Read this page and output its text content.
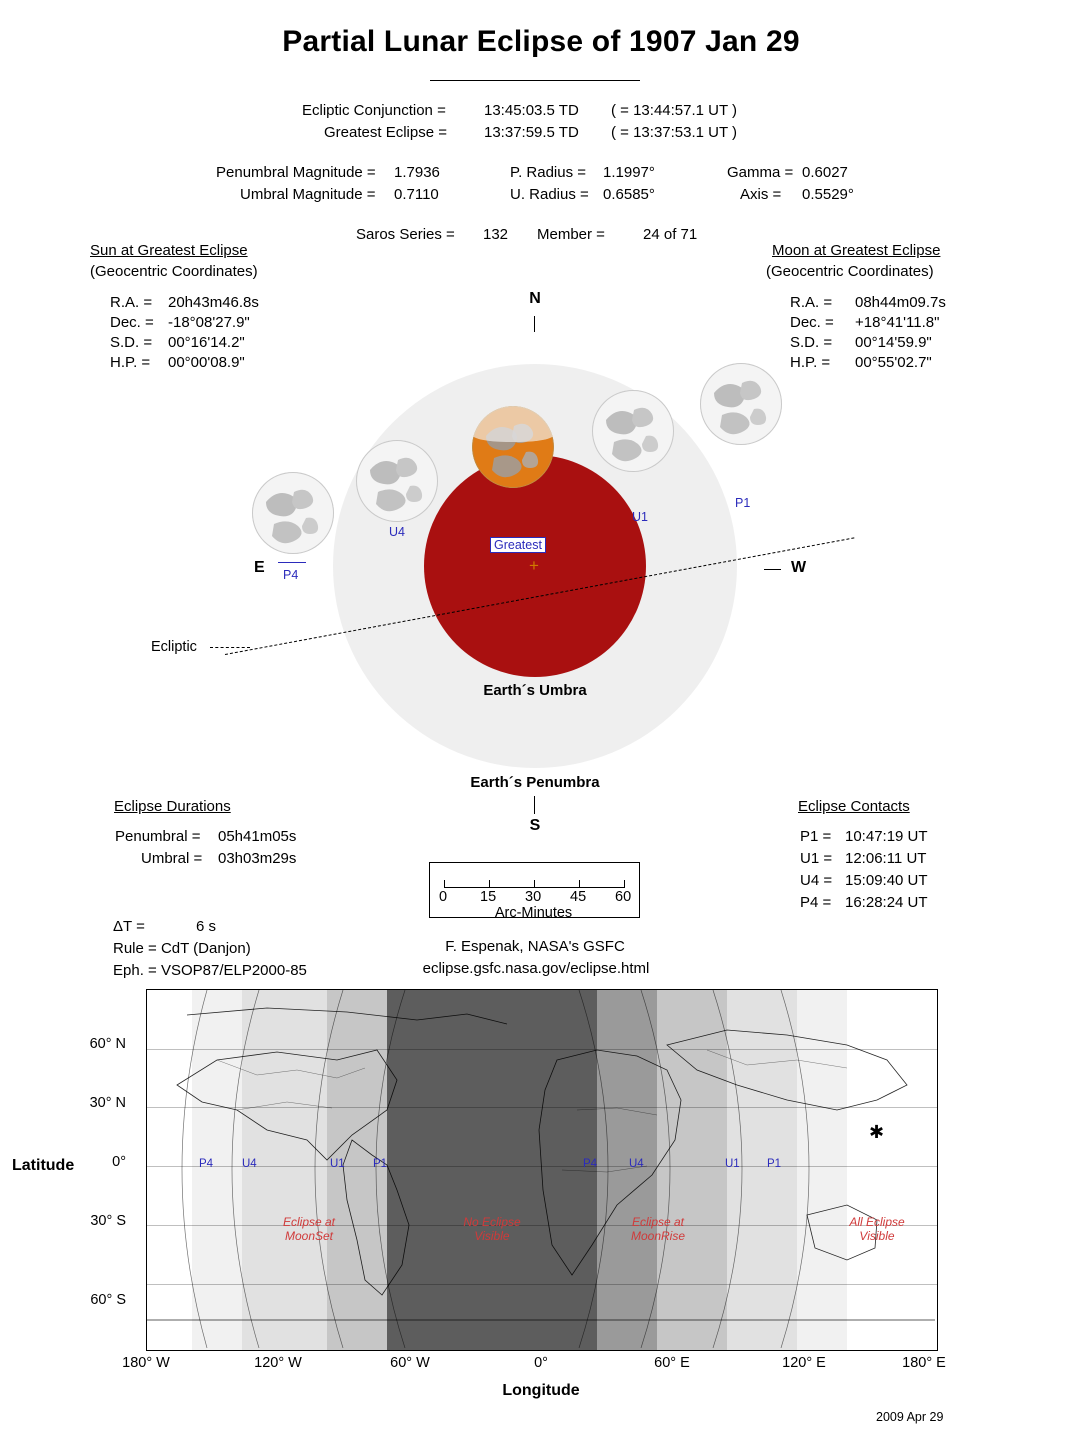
Partial Lunar Eclipse of 1907 Jan 29
Ecliptic Conjunction =	13:45:03.5 TD ( = 13:44:57.1 UT )
Greatest Eclipse = 13:37:59.5 TD ( = 13:37:53.1 UT )
Penumbral Magnitude = 1.7936	P. Radius = 1.1997°	Gamma = 0.6027
Umbral Magnitude = 0.7110	U. Radius = 0.6585°	Axis = 0.5529°
Saros Series = 132 Member =	24 of 71
Sun at Greatest Eclipse
(Geocentric Coordinates)
R.A. = 20h43m46.8s
Dec. = -18°08'27.9"
S.D. = 00°16'14.2"
H.P. = 00°00'08.9"
Moon at Greatest Eclipse
(Geocentric Coordinates)
R.A. = 08h44m09.7s
Dec. = +18°41'11.8"
S.D. = 00°14'59.9"
H.P. = 00°55'02.7"
N
P1
U1
U4
P4
Greatest
+
E	W
Ecliptic
Earth´s Umbra
Earth´s Penumbra
S
Eclipse Durations
Penumbral = 05h41m05s
Umbral = 03h03m29s
ΔT =	6 s
Rule = CdT (Danjon)
Eph. = VSOP87/ELP2000-85
Eclipse Contacts
P1 = 10:47:19 UT
U1 = 12:06:11 UT
U4 = 15:09:40 UT
P4 = 16:28:24 UT
0 15 30 45 60
Arc-Minutes
F. Espenak, NASA's GSFC
eclipse.gsfc.nasa.gov/eclipse.html
P4	U4	U1 P1	P4	U4	U1 P1
Eclipse at
MoonSet
No Eclipse
Visible
Eclipse at
MoonRise
All Eclipse
Visible
✱
60° N
30° N
0°
30° S
60° S
Latitude
180° W	120° W	60° W	0°	60° E	120° E	180° E
Longitude
2009 Apr 29
